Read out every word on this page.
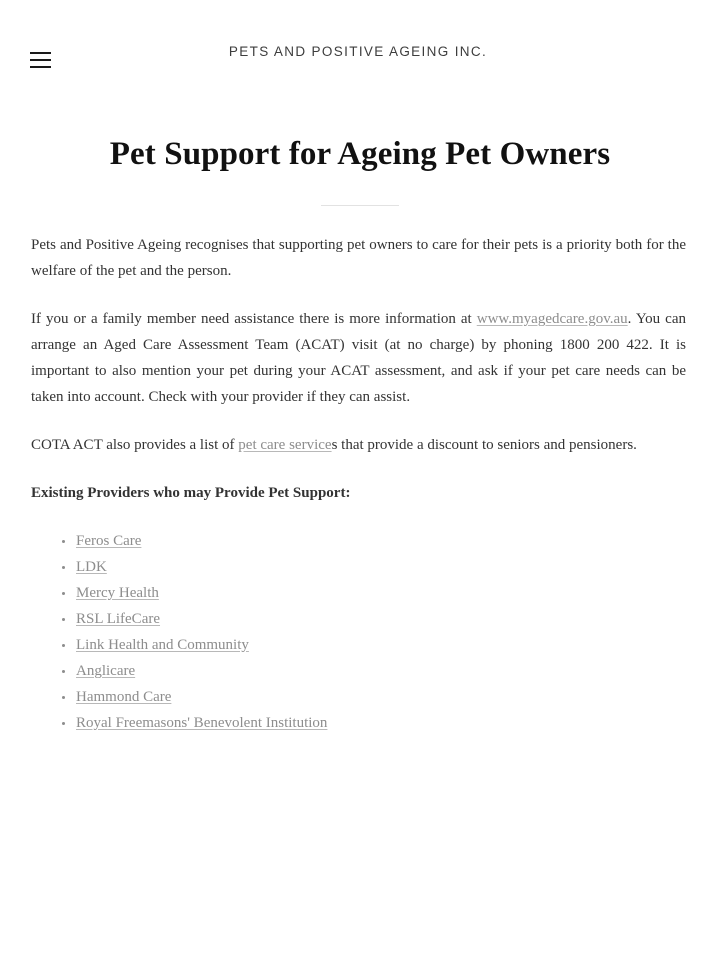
PETS AND POSITIVE AGEING INC.
Pet Support for Ageing Pet Owners

Pets and Positive Ageing recognises that supporting pet owners to care for their pets is a priority both for the welfare of the pet and the person.

If you or a family member need assistance there is more information at www.myagedcare.gov.au. You can arrange an Aged Care Assessment Team (ACAT) visit (at no charge) by phoning 1800 200 422. It is important to also mention your pet during your ACAT assessment, and ask if your pet care needs can be taken into account. Check with your provider if they can assist.

COTA ACT also provides a list of pet care services that provide a discount to seniors and pensioners.

Existing Providers who may Provide Pet Support:

Feros Care
LDK
Mercy Health
RSL LifeCare
Link Health and Community
Anglicare
Hammond Care
Royal Freemasons' Benevolent Institution
